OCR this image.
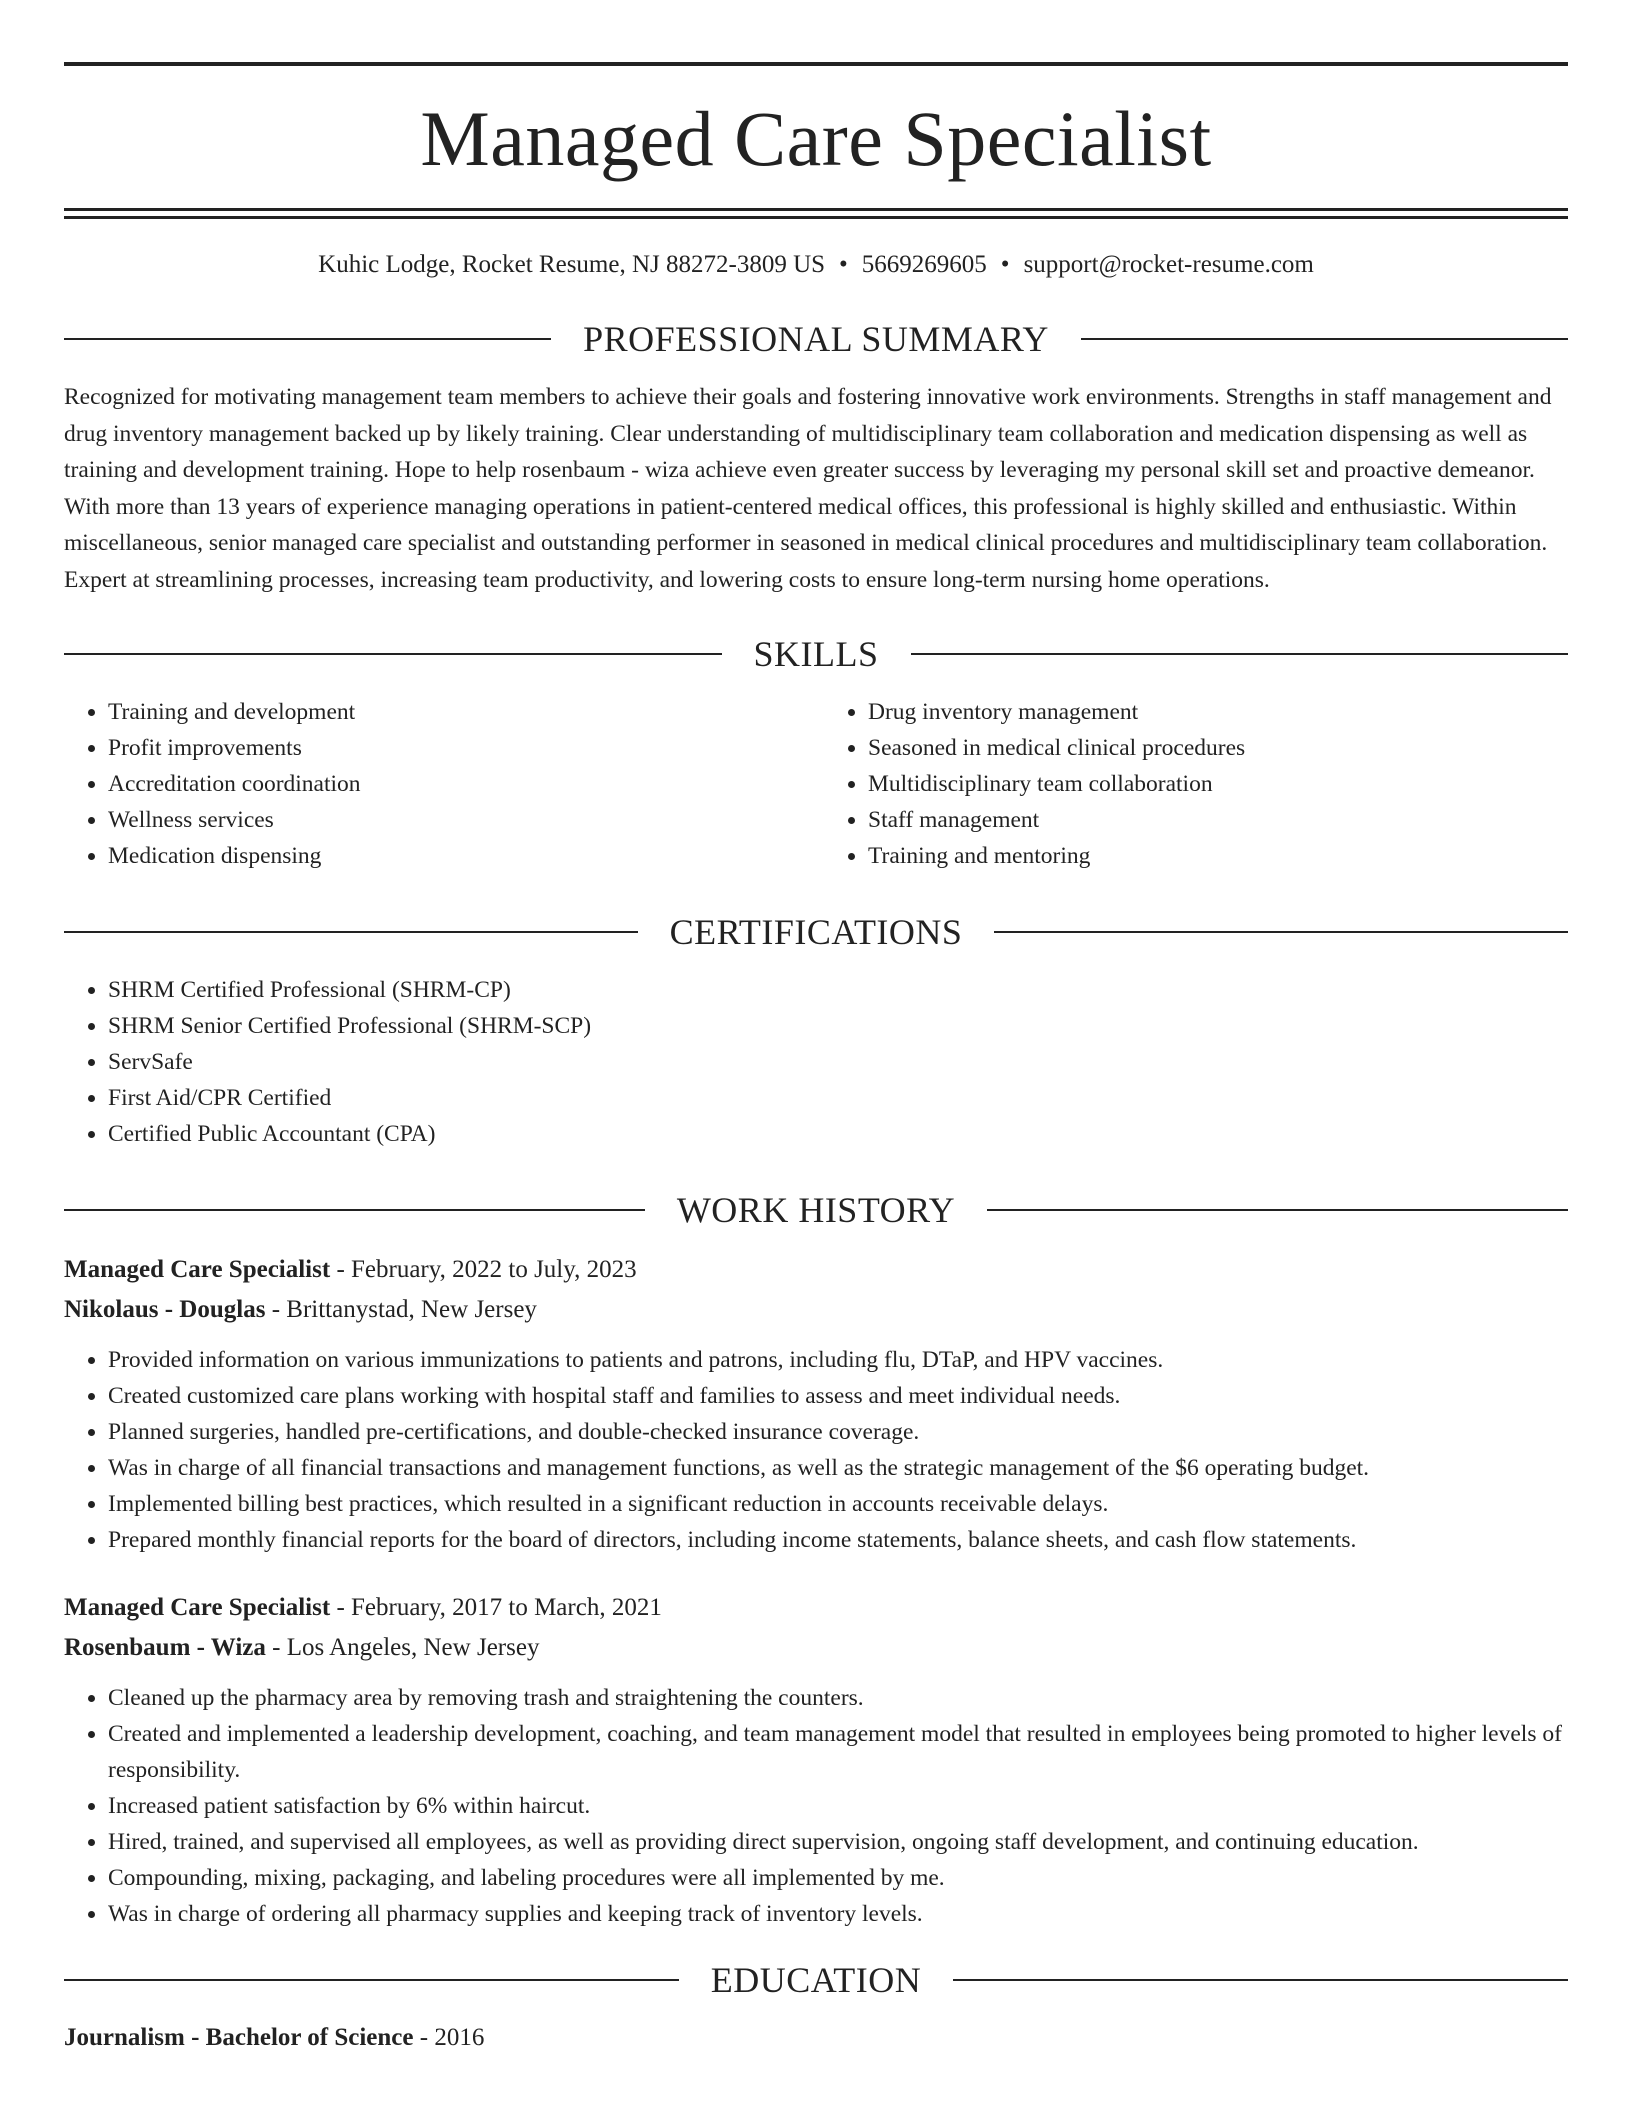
Managed Care Specialist
Kuhic Lodge, Rocket Resume, NJ 88272-3809 US • 5669269605 • support@rocket-resume.com
PROFESSIONAL SUMMARY

Recognized for motivating management team members to achieve their goals and fostering innovative work environments. Strengths in staff management and drug inventory management backed up by likely training. Clear understanding of multidisciplinary team collaboration and medication dispensing as well as training and development training. Hope to help rosenbaum - wiza achieve even greater success by leveraging my personal skill set and proactive demeanor. With more than 13 years of experience managing operations in patient-centered medical offices, this professional is highly skilled and enthusiastic. Within miscellaneous, senior managed care specialist and outstanding performer in seasoned in medical clinical procedures and multidisciplinary team collaboration. Expert at streamlining processes, increasing team productivity, and lowering costs to ensure long-term nursing home operations.

SKILLS
• Training and development
• Profit improvements
• Accreditation coordination
• Wellness services
• Medication dispensing
• Drug inventory management
• Seasoned in medical clinical procedures
• Multidisciplinary team collaboration
• Staff management
• Training and mentoring
CERTIFICATIONS
• SHRM Certified Professional (SHRM-CP)
• SHRM Senior Certified Professional (SHRM-SCP)
• ServSafe
• First Aid/CPR Certified
• Certified Public Accountant (CPA)
WORK HISTORY
Managed Care Specialist - February, 2022 to July, 2023
Nikolaus - Douglas - Brittanystad, New Jersey
• Provided information on various immunizations to patients and patrons, including flu, DTaP, and HPV vaccines.
• Created customized care plans working with hospital staff and families to assess and meet individual needs.
• Planned surgeries, handled pre-certifications, and double-checked insurance coverage.
• Was in charge of all financial transactions and management functions, as well as the strategic management of the $6 operating budget.
• Implemented billing best practices, which resulted in a significant reduction in accounts receivable delays.
• Prepared monthly financial reports for the board of directors, including income statements, balance sheets, and cash flow statements.
Managed Care Specialist - February, 2017 to March, 2021
Rosenbaum - Wiza - Los Angeles, New Jersey
• Cleaned up the pharmacy area by removing trash and straightening the counters.
• Created and implemented a leadership development, coaching, and team management model that resulted in employees being promoted to higher levels of responsibility.
• Increased patient satisfaction by 6% within haircut.
• Hired, trained, and supervised all employees, as well as providing direct supervision, ongoing staff development, and continuing education.
• Compounding, mixing, packaging, and labeling procedures were all implemented by me.
• Was in charge of ordering all pharmacy supplies and keeping track of inventory levels.
EDUCATION
Journalism - Bachelor of Science - 2016
